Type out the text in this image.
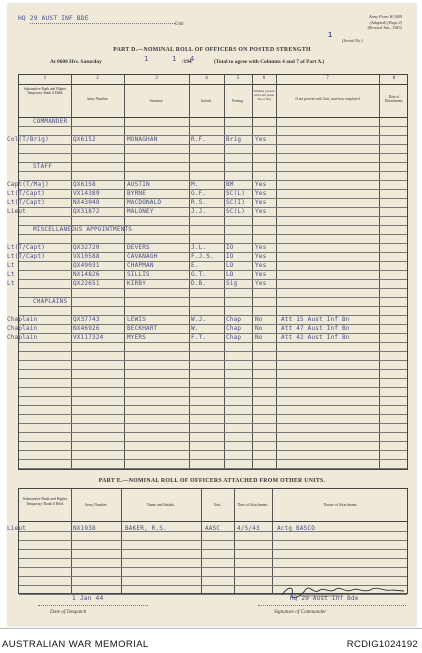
HQ 29 AUST INF BDE
Unit
Army Form W.3009
(Adapted) (Page 2)
(Revised Jan., 1943)
1
(Serial No.)
PART D.—NOMINAL ROLL OF OFFICERS ON POSTED STRENGTH
At 0600 Hrs. Saturday	1	1 /194
4	(Total to agree with Columns 4 and 7 of Part A.)
1	2	3	4	5	6	7	8
Substantive Rank and Higher Temporary Rank if Held.
Army Number.	Surname.	Initials.	Posting.
Whether present with Unit (enter Yes or No)	If not present with Unit, state how employed.	Date of Detachment.
COMMANDER
Col(T/Brig)	QX6152	MONAGHAN	R.F.	Brig Yes
STAFF
Capt(T/Maj)	QX6158	AUSTIN	M.	BM	Yes
Lt(T/Capt)	VX14389	BYRNE	G.F.	SC(L) Yes
Lt(T/Capt)	NX43048	MACDONALD	R.S.	SC(I) Yes
Lieut	QX31872	MALONEY	J.J.	SC(L) Yes
MISCELLANEOUS APPOINTMENTS
Lt(T/Capt)	QX32720	DEVERS	J.L.	IO	Yes
Lt(T/Capt)	VX10588	CAVANAGH	F.J.S. IO	Yes
Lt	QX49031	CHAPMAN	E.	LO	Yes
Lt	NX14826	SILLIS	G.T.	LO	Yes
Lt	QX22651	KIRBY	D.B.	Sig	Yes
CHAPLAINS
Chaplain	QX37743	LEWIS	W.J.	Chap No	Att 15 Aust Inf Bn
Chaplain	NX46926	BECKHART	W.	Chap No	Att 47 Aust Inf Bn
Chaplain	VX117324	MYERS	F.T.	Chap No	Att 42 Aust Inf Bn
PART E.—NOMINAL ROLL OF OFFICERS ATTACHED FROM OTHER UNITS.
Substantive Rank and Higher Temporary Rank if Held.	Army Number.	Name and Initials.	Unit.	Date of Attachment.	Nature of Attachment.
Lieut	NX1938	BAKER, R.S.	AASC	4/5/43	Actg BASCO
1 Jan 44
Date of Despatch
HQ 29 Aust Inf Bde
Signature of Commander
AUSTRALIAN WAR MEMORIAL	RCDIG1024192
